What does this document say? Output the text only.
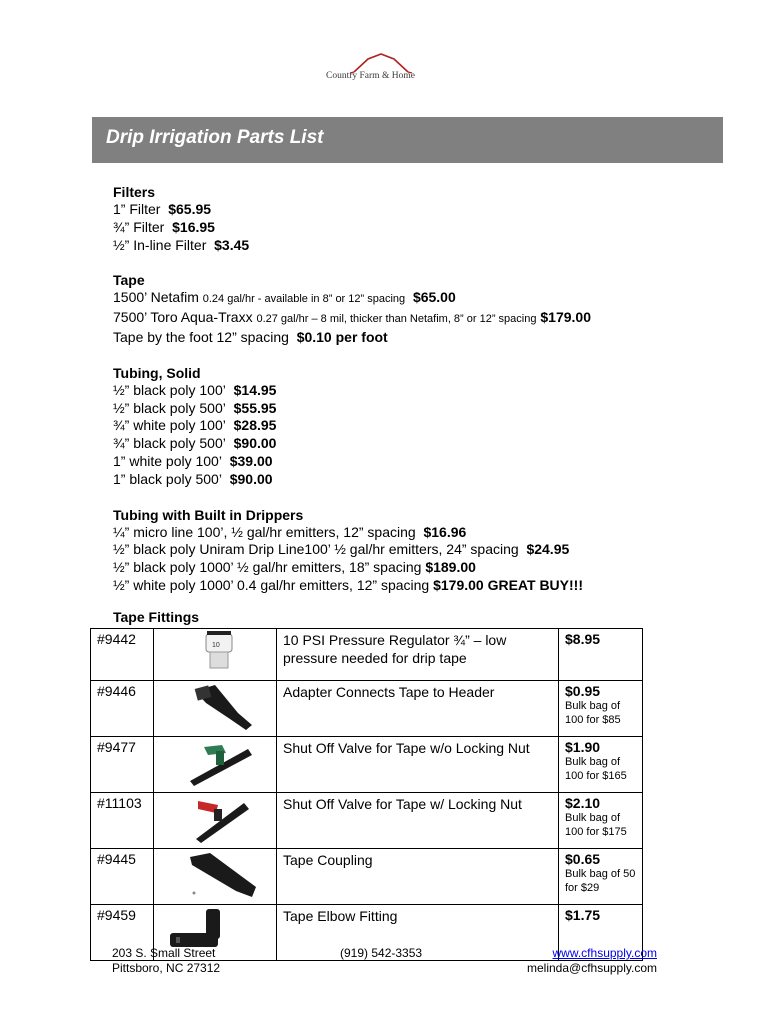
Country Farm & Home
Drip Irrigation Parts List
Filters
1” Filter $65.95
¾” Filter $16.95
½” In-line Filter $3.45
Tape
1500’ Netafim 0.24 gal/hr - available in 8” or 12” spacing $65.00
7500’ Toro Aqua-Traxx 0.27 gal/hr – 8 mil, thicker than Netafim, 8” or 12” spacing $179.00
Tape by the foot 12” spacing $0.10 per foot
Tubing, Solid
½” black poly 100’ $14.95
½” black poly 500’ $55.95
¾” white poly 100’ $28.95
¾” black poly 500’ $90.00
1” white poly 100’ $39.00
1” black poly 500’ $90.00
Tubing with Built in Drippers
¼” micro line 100’, ½ gal/hr emitters, 12” spacing $16.96
½” black poly Uniram Drip Line100’ ½ gal/hr emitters, 24” spacing $24.95
½” black poly 1000’ ½ gal/hr emitters, 18” spacing $189.00
½” white poly 1000’ 0.4 gal/hr emitters, 12” spacing $179.00 GREAT BUY!!!
Tape Fittings
#9442	10	10 PSI Pressure Regulator ¾” – low pressure needed for drip tape	$8.95

#9446		Adapter Connects Tape to Header	$0.95
Bulk bag of 100 for $85

#9477		Shut Off Valve for Tape w/o Locking Nut	$1.90
Bulk bag of 100 for $165

#11103		Shut Off Valve for Tape w/ Locking Nut	$2.10
Bulk bag of 100 for $175

#9445		Tape Coupling	$0.65
Bulk bag of 50 for $29

#9459		Tape Elbow Fitting	$1.75
203 S. Small Street
Pittsboro, NC 27312
(919) 542-3353	www.cfhsupply.com
melinda@cfhsupply.com
